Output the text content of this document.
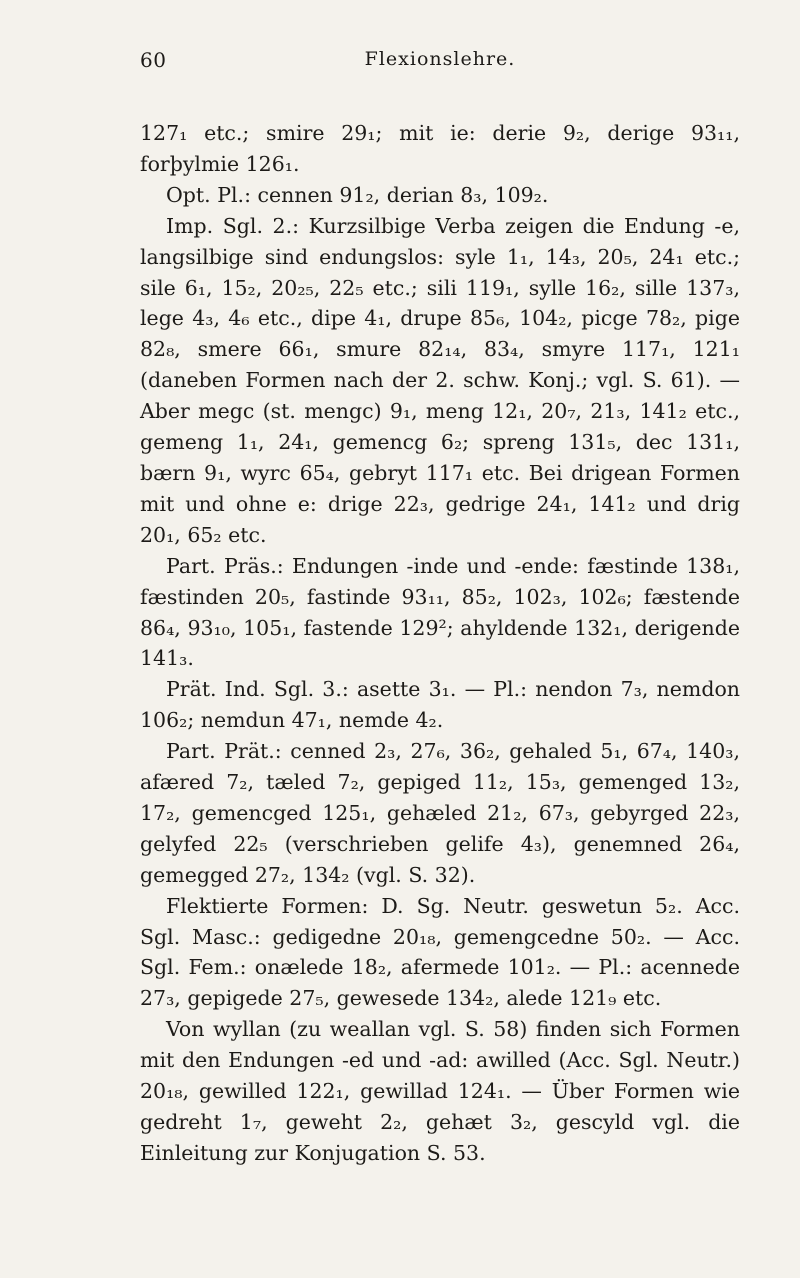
60	Flexionslehre.

127₁ etc.; smire 29₁; mit ie: derie 9₂, derige 93₁₁, forþylmie 126₁.

Opt. Pl.: cennen 91₂, derian 8₃, 109₂.

Imp. Sgl. 2.: Kurzsilbige Verba zeigen die Endung -e, langsilbige sind endungslos: syle 1₁, 14₃, 20₅, 24₁ etc.; sile 6₁, 15₂, 20₂₅, 22₅ etc.; sili 119₁, sylle 16₂, sille 137₃, lege 4₃, 4₆ etc., dipe 4₁, drupe 85₆, 104₂, picge 78₂, pige 82₈, smere 66₁, smure 82₁₄, 83₄, smyre 117₁, 121₁ (daneben Formen nach der 2. schw. Konj.; vgl. S. 61). — Aber megc (st. mengc) 9₁, meng 12₁, 20₇, 21₃, 141₂ etc., gemeng 1₁, 24₁, gemencg 6₂; spreng 131₅, dec 131₁, bærn 9₁, wyrc 65₄, gebryt 117₁ etc. Bei drigean Formen mit und ohne e: drige 22₃, gedrige 24₁, 141₂ und drig 20₁, 65₂ etc.

Part. Präs.: Endungen -inde und -ende: fæstinde 138₁, fæstinden 20₅, fastinde 93₁₁, 85₂, 102₃, 102₆; fæstende 86₄, 93₁₀, 105₁, fastende 129²; ahyldende 132₁, derigende 141₃.

Prät. Ind. Sgl. 3.: asette 3₁. — Pl.: nendon 7₃, nemdon 106₂; nemdun 47₁, nemde 4₂.

Part. Prät.: cenned 2₃, 27₆, 36₂, gehaled 5₁, 67₄, 140₃, afæred 7₂, tæled 7₂, gepiged 11₂, 15₃, gemenged 13₂, 17₂, gemencged 125₁, gehæled 21₂, 67₃, gebyrged 22₃, gelyfed 22₅ (verschrieben gelife 4₃), genemned 26₄, gemegged 27₂, 134₂ (vgl. S. 32).

Flektierte Formen: D. Sg. Neutr. geswetun 5₂. Acc. Sgl. Masc.: gedigedne 20₁₈, gemengcedne 50₂. — Acc. Sgl. Fem.: onælede 18₂, afermede 101₂. — Pl.: acennede 27₃, gepigede 27₅, gewesede 134₂, alede 121₉ etc.

Von wyllan (zu weallan vgl. S. 58) finden sich Formen mit den Endungen -ed und -ad: awilled (Acc. Sgl. Neutr.) 20₁₈, gewilled 122₁, gewillad 124₁. — Über Formen wie gedreht 1₇, geweht 2₂, gehæt 3₂, gescyld vgl. die Einleitung zur Konjugation S. 53.
